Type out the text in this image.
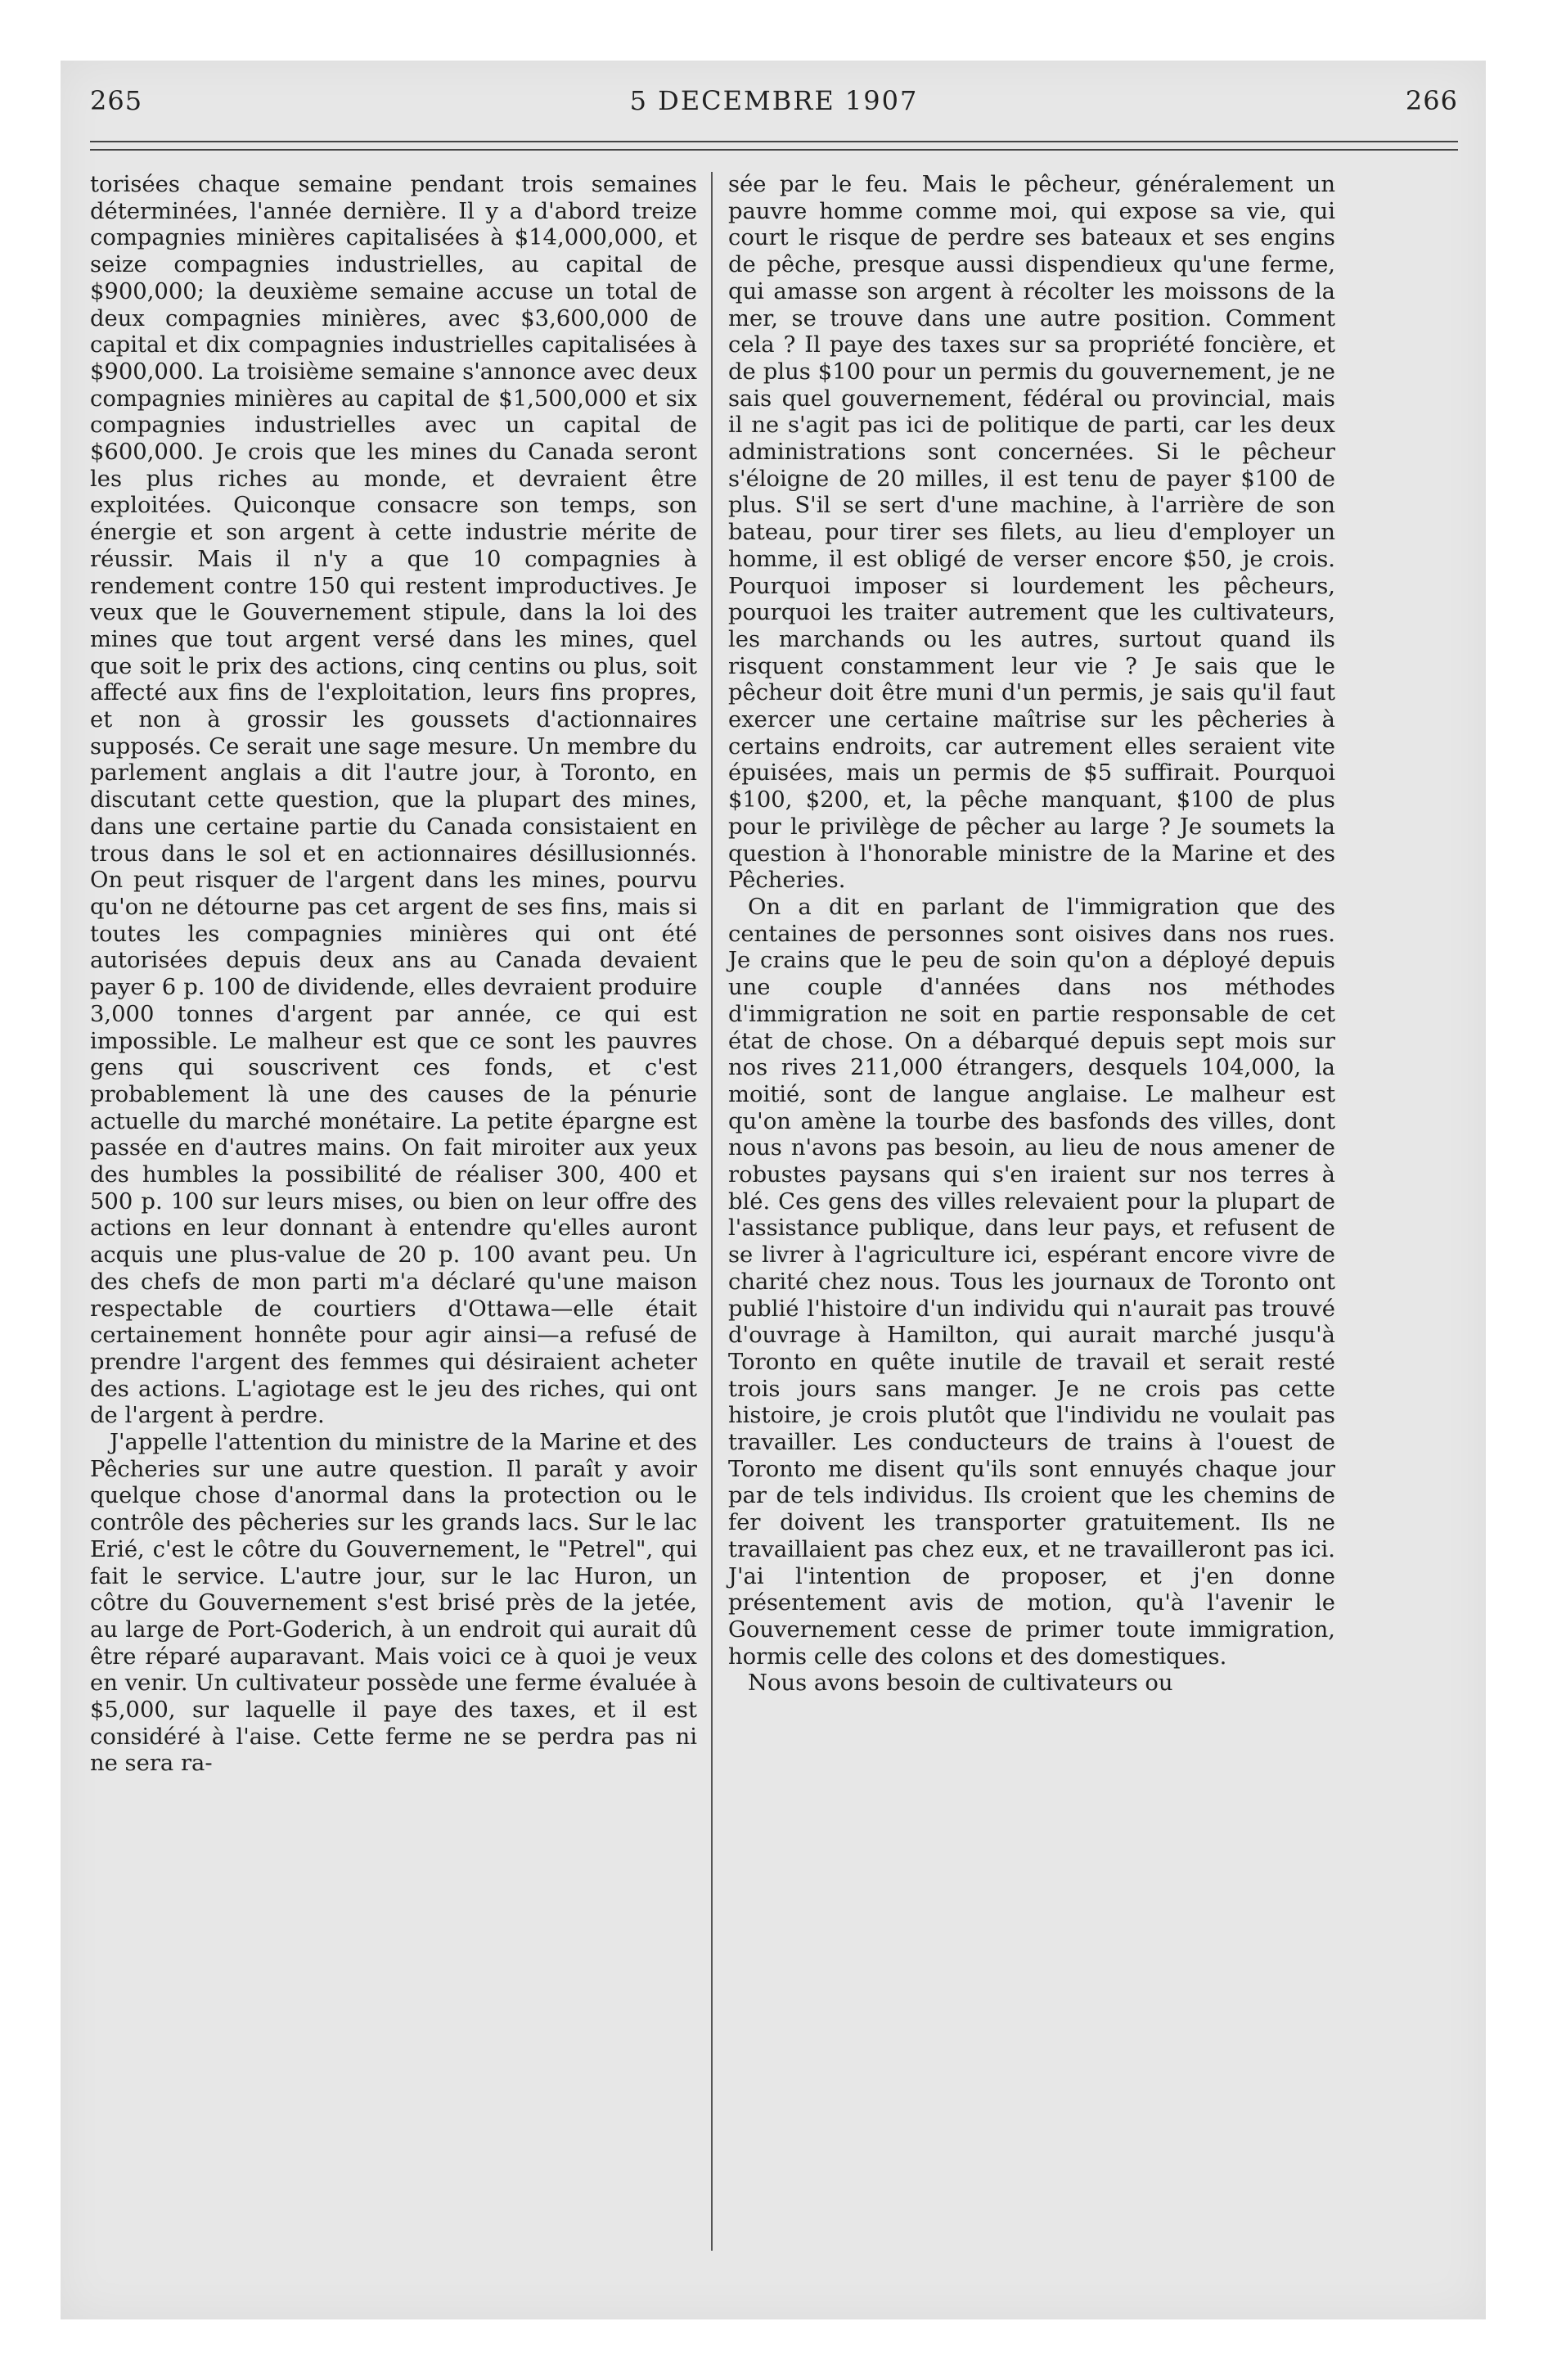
265	5 DECEMBRE 1907	266

torisées chaque semaine pendant trois semaines déterminées, l'année dernière. Il y a d'abord treize compagnies minières capitalisées à $14,000,000, et seize compagnies industrielles, au capital de $900,000; la deuxième semaine accuse un total de deux compagnies minières, avec $3,600,000 de capital et dix compagnies industrielles capitalisées à $900,000. La troisième semaine s'annonce avec deux compagnies minières au capital de $1,500,000 et six compagnies industrielles avec un capital de $600,000. Je crois que les mines du Canada seront les plus riches au monde, et devraient être exploitées. Quiconque consacre son temps, son énergie et son argent à cette industrie mérite de réussir. Mais il n'y a que 10 compagnies à rendement contre 150 qui restent improductives. Je veux que le Gouvernement stipule, dans la loi des mines que tout argent versé dans les mines, quel que soit le prix des actions, cinq centins ou plus, soit affecté aux fins de l'exploitation, leurs fins propres, et non à grossir les goussets d'actionnaires supposés. Ce serait une sage mesure. Un membre du parlement anglais a dit l'autre jour, à Toronto, en discutant cette question, que la plupart des mines, dans une certaine partie du Canada consistaient en trous dans le sol et en actionnaires désillusionnés. On peut risquer de l'argent dans les mines, pourvu qu'on ne détourne pas cet argent de ses fins, mais si toutes les compagnies minières qui ont été autorisées depuis deux ans au Canada devaient payer 6 p. 100 de dividende, elles devraient produire 3,000 tonnes d'argent par année, ce qui est impossible. Le malheur est que ce sont les pauvres gens qui souscrivent ces fonds, et c'est probablement là une des causes de la pénurie actuelle du marché monétaire. La petite épargne est passée en d'autres mains. On fait miroiter aux yeux des humbles la possibilité de réaliser 300, 400 et 500 p. 100 sur leurs mises, ou bien on leur offre des actions en leur donnant à entendre qu'elles auront acquis une plus-value de 20 p. 100 avant peu. Un des chefs de mon parti m'a déclaré qu'une maison respectable de courtiers d'Ottawa—elle était certainement honnête pour agir ainsi—a refusé de prendre l'argent des femmes qui désiraient acheter des actions. L'agiotage est le jeu des riches, qui ont de l'argent à perdre.

J'appelle l'attention du ministre de la Marine et des Pêcheries sur une autre question. Il paraît y avoir quelque chose d'anormal dans la protection ou le contrôle des pêcheries sur les grands lacs. Sur le lac Erié, c'est le côtre du Gouvernement, le "Petrel", qui fait le service. L'autre jour, sur le lac Huron, un côtre du Gouvernement s'est brisé près de la jetée, au large de Port-Goderich, à un endroit qui aurait dû être réparé auparavant. Mais voici ce à quoi je veux en venir. Un cultivateur possède une ferme évaluée à $5,000, sur laquelle il paye des taxes, et il est considéré à l'aise. Cette ferme ne se perdra pas ni ne sera ra-

sée par le feu. Mais le pêcheur, généralement un pauvre homme comme moi, qui expose sa vie, qui court le risque de perdre ses bateaux et ses engins de pêche, presque aussi dispendieux qu'une ferme, qui amasse son argent à récolter les moissons de la mer, se trouve dans une autre position. Comment cela ? Il paye des taxes sur sa propriété foncière, et de plus $100 pour un permis du gouvernement, je ne sais quel gouvernement, fédéral ou provincial, mais il ne s'agit pas ici de politique de parti, car les deux administrations sont concernées. Si le pêcheur s'éloigne de 20 milles, il est tenu de payer $100 de plus. S'il se sert d'une machine, à l'arrière de son bateau, pour tirer ses filets, au lieu d'employer un homme, il est obligé de verser encore $50, je crois. Pourquoi imposer si lourdement les pêcheurs, pourquoi les traiter autrement que les cultivateurs, les marchands ou les autres, surtout quand ils risquent constamment leur vie ? Je sais que le pêcheur doit être muni d'un permis, je sais qu'il faut exercer une certaine maîtrise sur les pêcheries à certains endroits, car autrement elles seraient vite épuisées, mais un permis de $5 suffirait. Pourquoi $100, $200, et, la pêche manquant, $100 de plus pour le privilège de pêcher au large ? Je soumets la question à l'honorable ministre de la Marine et des Pêcheries.

On a dit en parlant de l'immigration que des centaines de personnes sont oisives dans nos rues. Je crains que le peu de soin qu'on a déployé depuis une couple d'années dans nos méthodes d'immigration ne soit en partie responsable de cet état de chose. On a débarqué depuis sept mois sur nos rives 211,000 étrangers, desquels 104,000, la moitié, sont de langue anglaise. Le malheur est qu'on amène la tourbe des basfonds des villes, dont nous n'avons pas besoin, au lieu de nous amener de robustes paysans qui s'en iraient sur nos terres à blé. Ces gens des villes relevaient pour la plupart de l'assistance publique, dans leur pays, et refusent de se livrer à l'agriculture ici, espérant encore vivre de charité chez nous. Tous les journaux de Toronto ont publié l'histoire d'un individu qui n'aurait pas trouvé d'ouvrage à Hamilton, qui aurait marché jusqu'à Toronto en quête inutile de travail et serait resté trois jours sans manger. Je ne crois pas cette histoire, je crois plutôt que l'individu ne voulait pas travailler. Les conducteurs de trains à l'ouest de Toronto me disent qu'ils sont ennuyés chaque jour par de tels individus. Ils croient que les chemins de fer doivent les transporter gratuitement. Ils ne travaillaient pas chez eux, et ne travailleront pas ici. J'ai l'intention de proposer, et j'en donne présentement avis de motion, qu'à l'avenir le Gouvernement cesse de primer toute immigration, hormis celle des colons et des domestiques.

Nous avons besoin de cultivateurs ou
